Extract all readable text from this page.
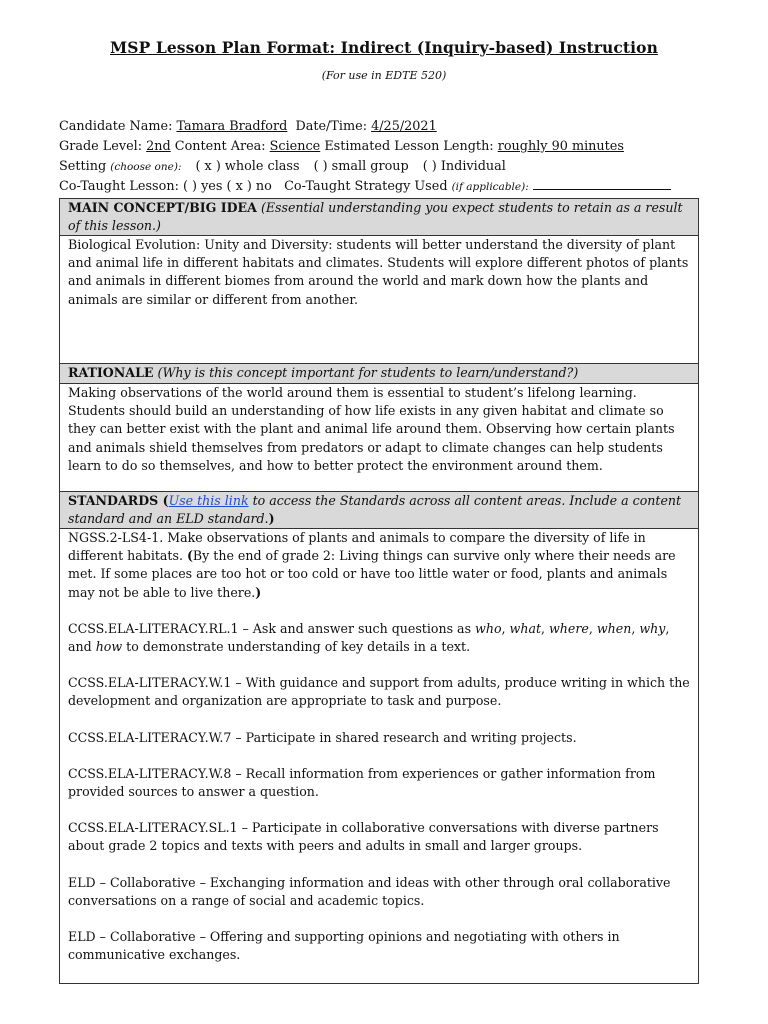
MSP Lesson Plan Format: Indirect (Inquiry-based) Instruction
(For use in EDTE 520)
Candidate Name: Tamara Bradford Date/Time: 4/25/2021
Grade Level: 2nd Content Area: Science Estimated Lesson Length: roughly 90 minutes
Setting (choose one): ( x ) whole class ( ) small group ( ) Individual
Co-Taught Lesson: ( ) yes ( x ) no Co-Taught Strategy Used (if applicable):
MAIN CONCEPT/BIG IDEA (Essential understanding you expect students to retain as a result of this lesson.)
Biological Evolution: Unity and Diversity: students will better understand the diversity of plant and animal life in different habitats and climates. Students will explore different photos of plants and animals in different biomes from around the world and mark down how the plants and animals are similar or different from another.
RATIONALE (Why is this concept important for students to learn/understand?)
Making observations of the world around them is essential to student’s lifelong learning. Students should build an understanding of how life exists in any given habitat and climate so they can better exist with the plant and animal life around them. Observing how certain plants and animals shield themselves from predators or adapt to climate changes can help students learn to do so themselves, and how to better protect the environment around them.
STANDARDS (Use this link to access the Standards across all content areas. Include a content standard and an ELD standard.)

NGSS.2-LS4-1. Make observations of plants and animals to compare the diversity of life in different habitats. (By the end of grade 2: Living things can survive only where their needs are met. If some places are too hot or too cold or have too little water or food, plants and animals may not be able to live there.)

CCSS.ELA-LITERACY.RL.1 – Ask and answer such questions as who, what, where, when, why, and how to demonstrate understanding of key details in a text.

CCSS.ELA-LITERACY.W.1 – With guidance and support from adults, produce writing in which the development and organization are appropriate to task and purpose.

CCSS.ELA-LITERACY.W.7 – Participate in shared research and writing projects.

CCSS.ELA-LITERACY.W.8 – Recall information from experiences or gather information from provided sources to answer a question.

CCSS.ELA-LITERACY.SL.1 – Participate in collaborative conversations with diverse partners about grade 2 topics and texts with peers and adults in small and larger groups.

ELD – Collaborative – Exchanging information and ideas with other through oral collaborative conversations on a range of social and academic topics.

ELD – Collaborative – Offering and supporting opinions and negotiating with others in communicative exchanges.
